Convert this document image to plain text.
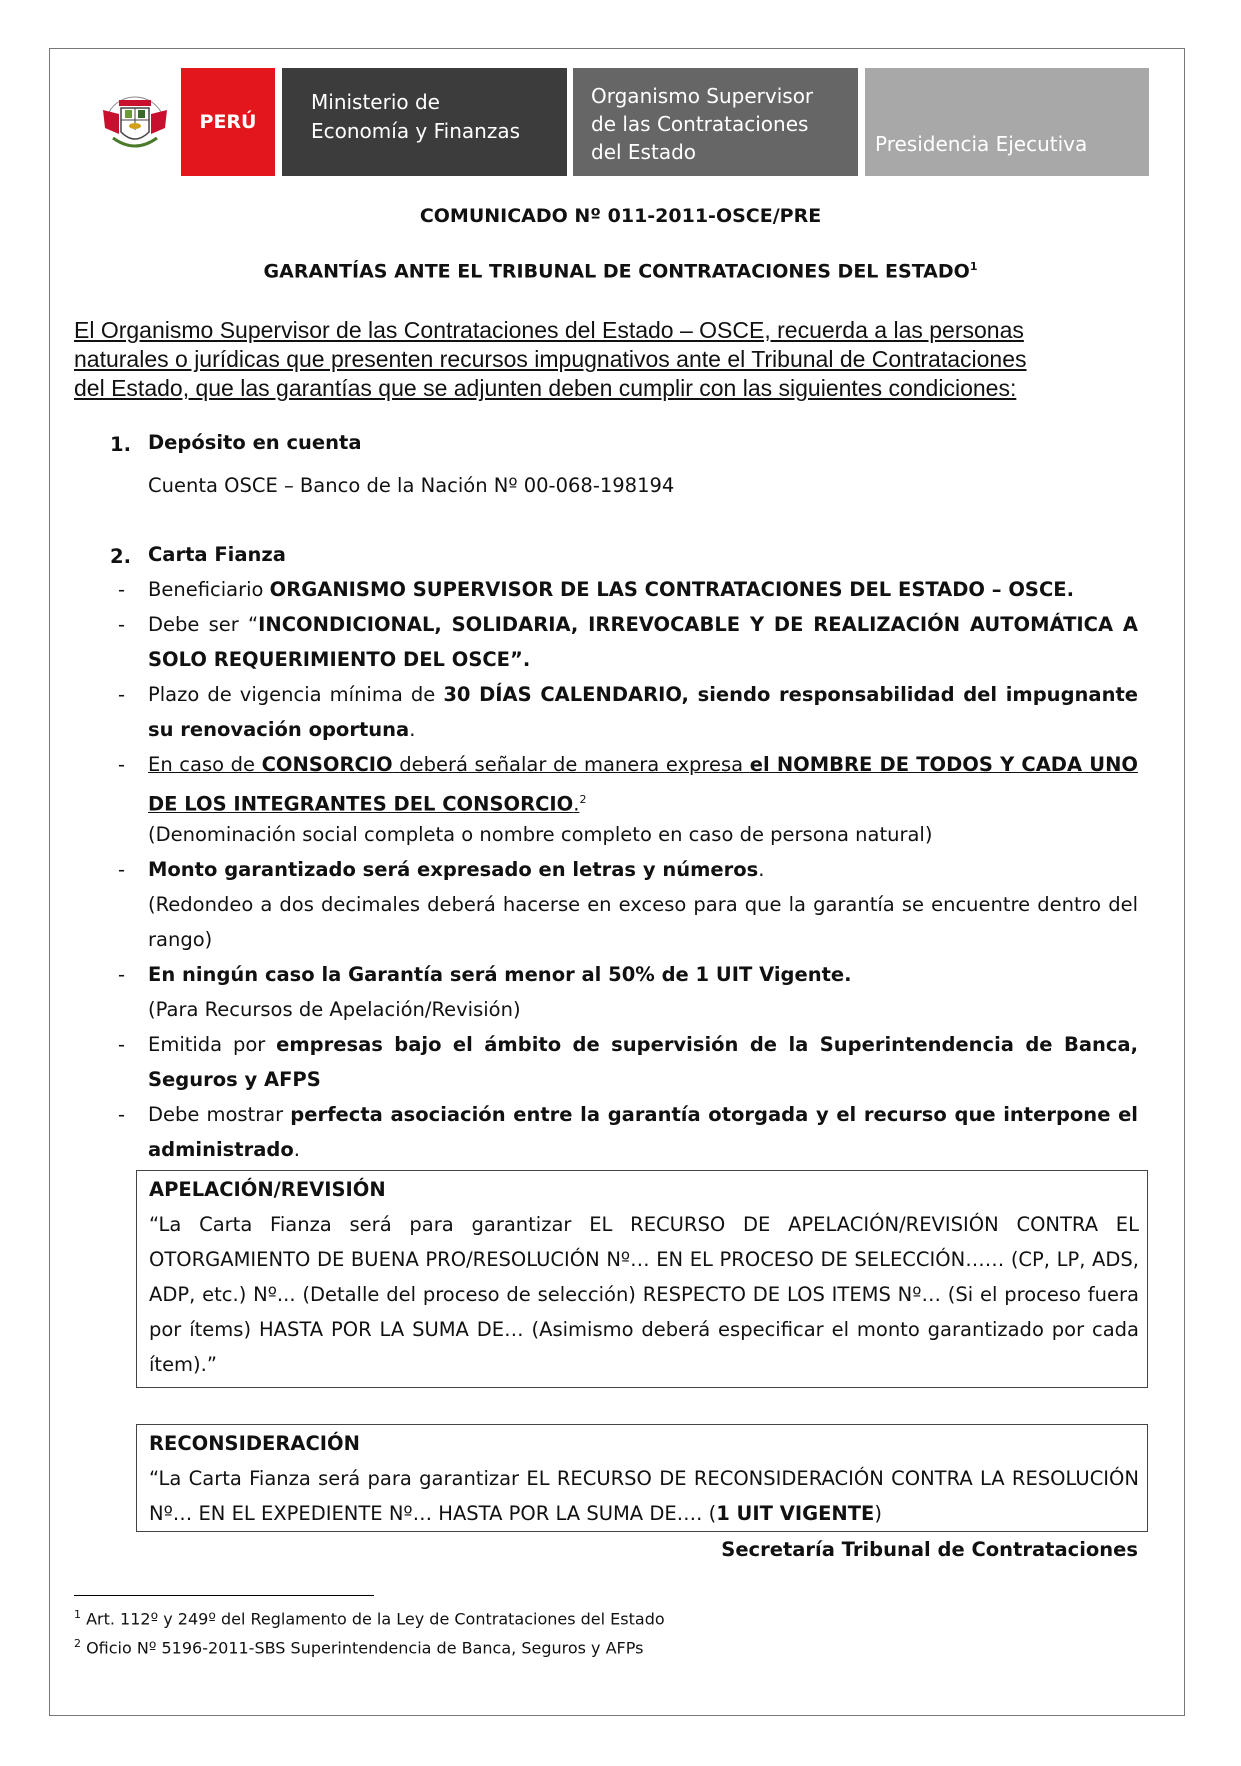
PERÚ
Ministerio de
Economía y Finanzas
Organismo Supervisor
de las Contrataciones
del Estado	Presidencia Ejecutiva
COMUNICADO Nº 011-2011-OSCE/PRE
GARANTÍAS ANTE EL TRIBUNAL DE CONTRATACIONES DEL ESTADO$^1$
El Organismo Supervisor de las Contrataciones del Estado – OSCE, recuerda a las personas
naturales o jurídicas que presenten recursos impugnativos ante el Tribunal de Contrataciones
del Estado, que las garantías que se adjunten deben cumplir con las siguientes condiciones:
1. Depósito en cuenta
Cuenta OSCE – Banco de la Nación Nº 00-068-198194
2. Carta Fianza
- Beneficiario ORGANISMO SUPERVISOR DE LAS CONTRATACIONES DEL ESTADO – OSCE.
- Debe ser “INCONDICIONAL, SOLIDARIA, IRREVOCABLE Y DE REALIZACIÓN AUTOMÁTICA A SOLO REQUERIMIENTO DEL OSCE”.
- Plazo de vigencia mínima de 30 DÍAS CALENDARIO, siendo responsabilidad del impugnante su renovación oportuna.
- En caso de CONSORCIO deberá señalar de manera expresa el NOMBRE DE TODOS Y CADA UNO DE LOS INTEGRANTES DEL CONSORCIO.$^2$
(Denominación social completa o nombre completo en caso de persona natural)
- Monto garantizado será expresado en letras y números.
(Redondeo a dos decimales deberá hacerse en exceso para que la garantía se encuentre dentro del rango)
- En ningún caso la Garantía será menor al 50% de 1 UIT Vigente.
(Para Recursos de Apelación/Revisión)
- Emitida por empresas bajo el ámbito de supervisión de la Superintendencia de Banca, Seguros y AFPS
- Debe mostrar perfecta asociación entre la garantía otorgada y el recurso que interpone el administrado.
APELACIÓN/REVISIÓN
“La Carta Fianza será para garantizar EL RECURSO DE APELACIÓN/REVISIÓN CONTRA EL OTORGAMIENTO DE BUENA PRO/RESOLUCIÓN Nº… EN EL PROCESO DE SELECCIÓN…… (CP, LP, ADS, ADP, etc.) Nº... (Detalle del proceso de selección) RESPECTO DE LOS ITEMS Nº… (Si el proceso fuera por ítems) HASTA POR LA SUMA DE… (Asimismo deberá especificar el monto garantizado por cada ítem).”
RECONSIDERACIÓN
“La Carta Fianza será para garantizar EL RECURSO DE RECONSIDERACIÓN CONTRA LA RESOLUCIÓN Nº… EN EL EXPEDIENTE Nº… HASTA POR LA SUMA DE…. (1 UIT VIGENTE)
Secretaría Tribunal de Contrataciones
$^1$ Art. 112º y 249º del Reglamento de la Ley de Contrataciones del Estado
$^2$ Oficio Nº 5196-2011-SBS Superintendencia de Banca, Seguros y AFPs
